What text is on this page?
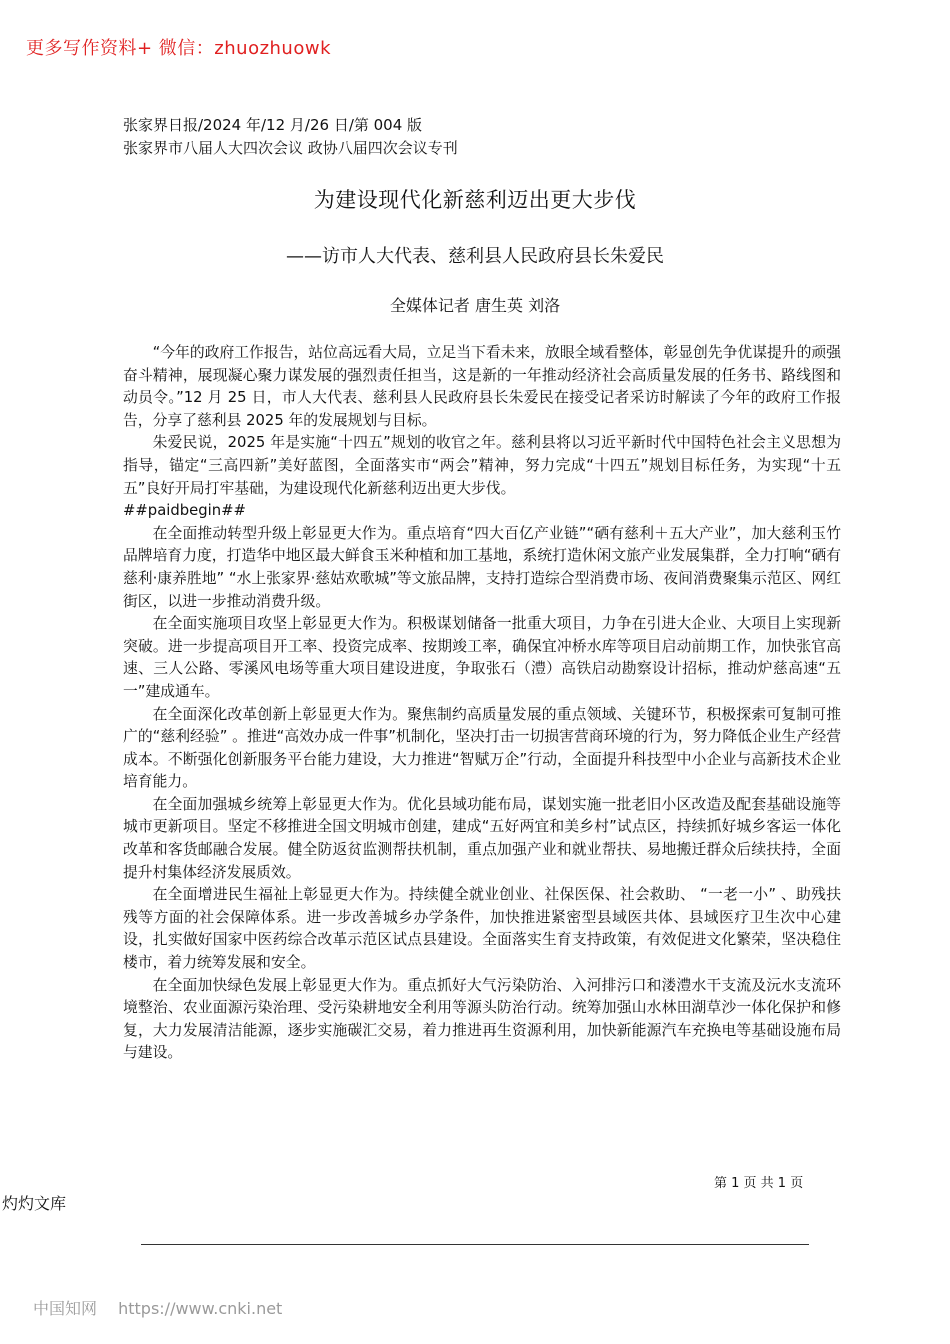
更多写作资料+ 微信：zhuozhuowk
张家界日报/2024 年/12 月/26 日/第 004 版
张家界市八届人大四次会议 政协八届四次会议专刊
为建设现代化新慈利迈出更大步伐
——访市人大代表、慈利县人民政府县长朱爱民
全媒体记者 唐生英 刘洛

“今年的政府工作报告，站位高远看大局，立足当下看未来，放眼全域看整体，彰显创先争优谋提升的顽强奋斗精神，展现凝心聚力谋发展的强烈责任担当，这是新的一年推动经济社会高质量发展的任务书、路线图和动员令。”12 月 25 日，市人大代表、慈利县人民政府县长朱爱民在接受记者采访时解读了今年的政府工作报告，分享了慈利县 2025 年的发展规划与目标。

朱爱民说，2025 年是实施“十四五”规划的收官之年。慈利县将以习近平新时代中国特色社会主义思想为指导，锚定“三高四新”美好蓝图，全面落实市“两会”精神，努力完成“十四五”规划目标任务，为实现“十五五”良好开局打牢基础，为建设现代化新慈利迈出更大步伐。

##paidbegin##

在全面推动转型升级上彰显更大作为。重点培育“四大百亿产业链”“硒有慈利＋五大产业”，加大慈利玉竹品牌培育力度，打造华中地区最大鲜食玉米种植和加工基地，系统打造休闲文旅产业发展集群，全力打响“硒有慈利·康养胜地” “水上张家界·慈姑欢歌城”等文旅品牌，支持打造综合型消费市场、夜间消费聚集示范区、网红街区，以进一步推动消费升级。

在全面实施项目攻坚上彰显更大作为。积极谋划储备一批重大项目，力争在引进大企业、大项目上实现新突破。进一步提高项目开工率、投资完成率、按期竣工率，确保宜冲桥水库等项目启动前期工作，加快张官高速、三人公路、零溪风电场等重大项目建设进度，争取张石（澧）高铁启动勘察设计招标，推动炉慈高速“五一”建成通车。

在全面深化改革创新上彰显更大作为。聚焦制约高质量发展的重点领域、关键环节，积极探索可复制可推广的“慈利经验” 。推进“高效办成一件事”机制化，坚决打击一切损害营商环境的行为，努力降低企业生产经营成本。不断强化创新服务平台能力建设，大力推进“智赋万企”行动，全面提升科技型中小企业与高新技术企业培育能力。

在全面加强城乡统筹上彰显更大作为。优化县域功能布局，谋划实施一批老旧小区改造及配套基础设施等城市更新项目。坚定不移推进全国文明城市创建，建成“五好两宜和美乡村”试点区，持续抓好城乡客运一体化改革和客货邮融合发展。健全防返贫监测帮扶机制，重点加强产业和就业帮扶、易地搬迁群众后续扶持，全面提升村集体经济发展质效。

在全面增进民生福祉上彰显更大作为。持续健全就业创业、社保医保、社会救助、 “一老一小” 、助残扶残等方面的社会保障体系。进一步改善城乡办学条件，加快推进紧密型县域医共体、县域医疗卫生次中心建设，扎实做好国家中医药综合改革示范区试点县建设。全面落实生育支持政策，有效促进文化繁荣，坚决稳住楼市，着力统筹发展和安全。

在全面加快绿色发展上彰显更大作为。重点抓好大气污染防治、入河排污口和溇澧水干支流及沅水支流环境整治、农业面源污染治理、受污染耕地安全利用等源头防治行动。统筹加强山水林田湖草沙一体化保护和修复，大力发展清洁能源，逐步实施碳汇交易，着力推进再生资源利用，加快新能源汽车充换电等基础设施布局与建设。

第 1 页 共 1 页
灼灼文库
中国知网 https://www.cnki.net
